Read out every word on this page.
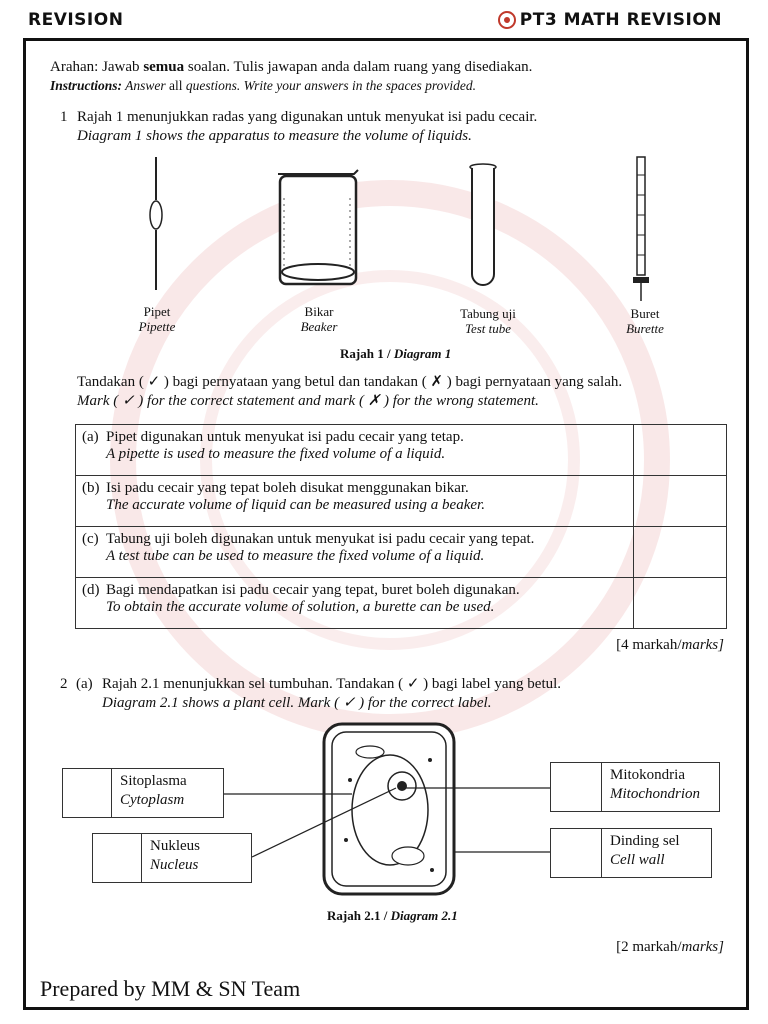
REVISION	PT3 MATH REVISION
Arahan: Jawab semua soalan. Tulis jawapan anda dalam ruang yang disediakan.
Instructions: Answer all questions. Write your answers in the spaces provided.
1 Rajah 1 menunjukkan radas yang digunakan untuk menyukat isi padu cecair.
Diagram 1 shows the apparatus to measure the volume of liquids.
Pipet
Pipette
Bikar
Beaker
Tabung uji
Test tube
Buret
Burette
Rajah 1 / Diagram 1
Tandakan ( ✓ ) bagi pernyataan yang betul dan tandakan ( ✗ ) bagi pernyataan yang salah.
Mark ( ✓ ) for the correct statement and mark ( ✗ ) for the wrong statement.
(a) Pipet digunakan untuk menyukat isi padu cecair yang tetap.
A pipette is used to measure the fixed volume of a liquid.	

(b) Isi padu cecair yang tepat boleh disukat menggunakan bikar.
The accurate volume of liquid can be measured using a beaker.	

(c) Tabung uji boleh digunakan untuk menyukat isi padu cecair yang tepat.
A test tube can be used to measure the fixed volume of a liquid.	

(d) Bagi mendapatkan isi padu cecair yang tepat, buret boleh digunakan.
To obtain the accurate volume of solution, a burette can be used.	

[4 markah/marks]
2 (a) Rajah 2.1 menunjukkan sel tumbuhan. Tandakan ( ✓ ) bagi label yang betul.
Diagram 2.1 shows a plant cell. Mark ( ✓ ) for the correct label.
Sitoplasma
Cytoplasm
Nukleus
Nucleus
Mitokondria
Mitochondrion
Dinding sel
Cell wall
Rajah 2.1 / Diagram 2.1
[2 markah/marks]
Prepared by MM & SN Team
